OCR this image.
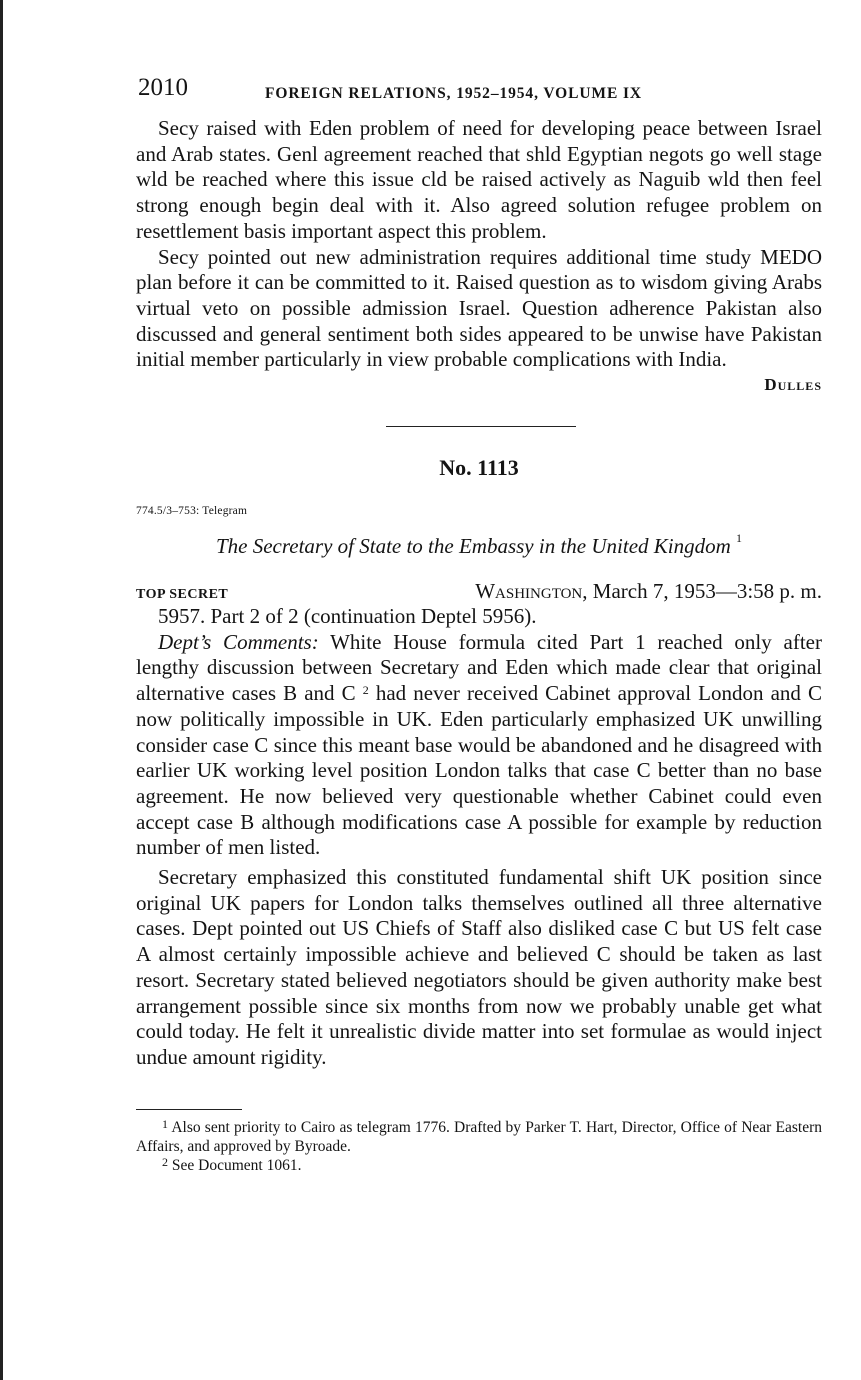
2010	FOREIGN RELATIONS, 1952–1954, VOLUME IX

Secy raised with Eden problem of need for developing peace between Israel and Arab states. Genl agreement reached that shld Egyptian negots go well stage wld be reached where this issue cld be raised actively as Naguib wld then feel strong enough begin deal with it. Also agreed solution refugee problem on resettlement basis important aspect this problem.

Secy pointed out new administration requires additional time study MEDO plan before it can be committed to it. Raised question as to wisdom giving Arabs virtual veto on possible admission Israel. Question adherence Pakistan also discussed and general sentiment both sides appeared to be unwise have Pakistan initial member particularly in view probable complications with India.

Dulles
No. 1113
774.5/3–753: Telegram
The Secretary of State to the Embassy in the United Kingdom $^1$
TOP SECRET	Washington, March 7, 1953—3:58 p. m.

5957. Part 2 of 2 (continuation Deptel 5956).

Dept’s Comments: White House formula cited Part 1 reached only after lengthy discussion between Secretary and Eden which made clear that original alternative cases B and C $^2$ had never received Cabinet approval London and C now politically impossible in UK. Eden particularly emphasized UK unwilling consider case C since this meant base would be abandoned and he disagreed with earlier UK working level position London talks that case C better than no base agreement. He now believed very questionable whether Cabinet could even accept case B although modifications case A possible for example by reduction number of men listed.

Secretary emphasized this constituted fundamental shift UK position since original UK papers for London talks themselves outlined all three alternative cases. Dept pointed out US Chiefs of Staff also disliked case C but US felt case A almost certainly impossible achieve and believed C should be taken as last resort. Secretary stated believed negotiators should be given authority make best arrangement possible since six months from now we probably unable get what could today. He felt it unrealistic divide matter into set formulae as would inject undue amount rigidity.

$^1$ Also sent priority to Cairo as telegram 1776. Drafted by Parker T. Hart, Director, Office of Near Eastern Affairs, and approved by Byroade.
$^2$ See Document 1061.
